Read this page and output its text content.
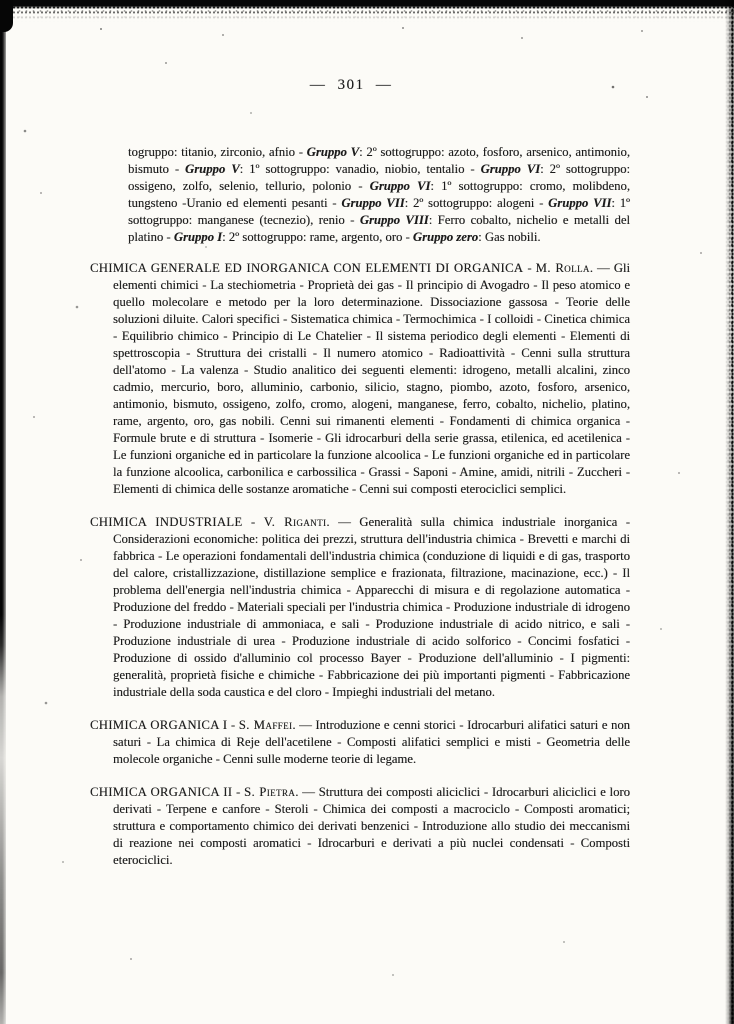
— 301 —

togruppo: titanio, zirconio, afnio - Gruppo V: 2º sottogruppo: azoto, fosforo, arsenico, antimonio, bismuto - Gruppo V: 1º sottogruppo: vanadio, niobio, tentalio - Gruppo VI: 2º sottogruppo: ossigeno, zolfo, selenio, tellurio, polonio - Gruppo VI: 1º sottogruppo: cromo, molibdeno, tungsteno -Uranio ed elementi pesanti - Gruppo VII: 2º sottogruppo: alogeni - Gruppo VII: 1º sottogruppo: manganese (tecnezio), renio - Gruppo VIII: Ferro cobalto, nichelio e metalli del platino - Gruppo I: 2º sottogruppo: rame, argento, oro - Gruppo zero: Gas nobili.

CHIMICA GENERALE ED INORGANICA CON ELEMENTI DI ORGANICA - M. Rolla. — Gli elementi chimici - La stechiometria - Proprietà dei gas - Il principio di Avogadro - Il peso atomico e quello molecolare e metodo per la loro determinazione. Dissociazione gassosa - Teorie delle soluzioni diluite. Calori specifici - Sistematica chimica - Termochimica - I colloidi - Cinetica chimica - Equilibrio chimico - Principio di Le Chatelier - Il sistema periodico degli elementi - Elementi di spettroscopia - Struttura dei cristalli - Il numero atomico - Radioattività - Cenni sulla struttura dell'atomo - La valenza - Studio analitico dei seguenti elementi: idrogeno, metalli alcalini, zinco cadmio, mercurio, boro, alluminio, carbonio, silicio, stagno, piombo, azoto, fosforo, arsenico, antimonio, bismuto, ossigeno, zolfo, cromo, alogeni, manganese, ferro, cobalto, nichelio, platino, rame, argento, oro, gas nobili. Cenni sui rimanenti elementi - Fondamenti di chimica organica - Formule brute e di struttura - Isomerie - Gli idrocarburi della serie grassa, etilenica, ed acetilenica - Le funzioni organiche ed in particolare la funzione alcoolica - Le funzioni organiche ed in particolare la funzione alcoolica, carbonilica e carbossilica - Grassi - Saponi - Amine, amidi, nitrili - Zuccheri - Elementi di chimica delle sostanze aromatiche - Cenni sui composti eterociclici semplici.

CHIMICA INDUSTRIALE - V. Riganti. — Generalità sulla chimica industriale inorganica - Considerazioni economiche: politica dei prezzi, struttura dell'industria chimica - Brevetti e marchi di fabbrica - Le operazioni fondamentali dell'industria chimica (conduzione di liquidi e di gas, trasporto del calore, cristallizzazione, distillazione semplice e frazionata, filtrazione, macinazione, ecc.) - Il problema dell'energia nell'industria chimica - Apparecchi di misura e di regolazione automatica - Produzione del freddo - Materiali speciali per l'industria chimica - Produzione industriale di idrogeno - Produzione industriale di ammoniaca, e sali - Produzione industriale di acido nitrico, e sali - Produzione industriale di urea - Produzione industriale di acido solforico - Concimi fosfatici - Produzione di ossido d'alluminio col processo Bayer - Produzione dell'alluminio - I pigmenti: generalità, proprietà fisiche e chimiche - Fabbricazione dei più importanti pigmenti - Fabbricazione industriale della soda caustica e del cloro - Impieghi industriali del metano.

CHIMICA ORGANICA I - S. Maffei. — Introduzione e cenni storici - Idrocarburi alifatici saturi e non saturi - La chimica di Reje dell'acetilene - Composti alifatici semplici e misti - Geometria delle molecole organiche - Cenni sulle moderne teorie di legame.

CHIMICA ORGANICA II - S. Pietra. — Struttura dei composti aliciclici - Idrocarburi aliciclici e loro derivati - Terpene e canfore - Steroli - Chimica dei composti a macrociclo - Composti aromatici; struttura e comportamento chimico dei derivati benzenici - Introduzione allo studio dei meccanismi di reazione nei composti aromatici - Idrocarburi e derivati a più nuclei condensati - Composti eterociclici.
